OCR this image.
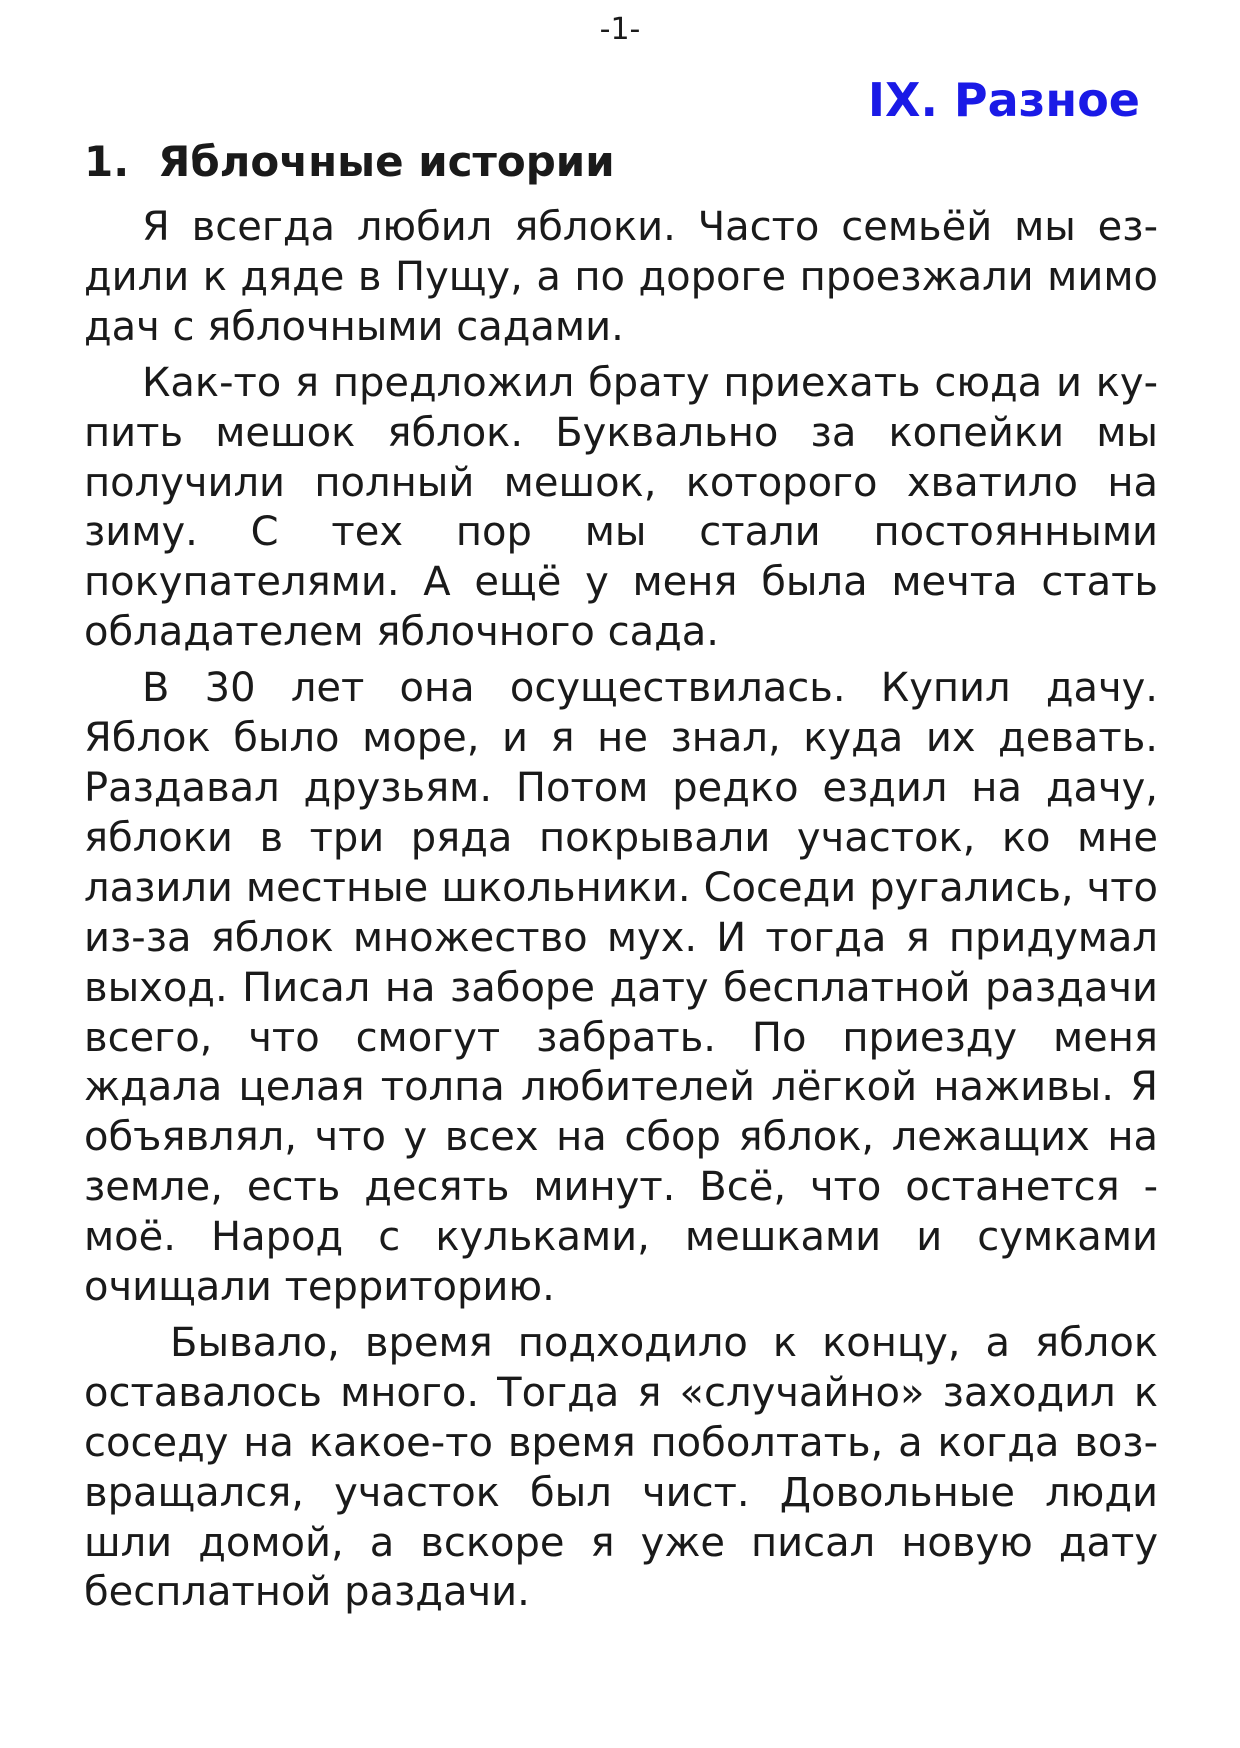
-1-
IX. Разное
1. Яблочные истории

Я всегда любил яблоки. Часто семьёй мы ездили к дяде в Пущу, а по дороге проезжали мимо дач с яблочными садами.

Как-то я предложил брату приехать сюда и купить мешок яблок. Буквально за копейки мы получили полный мешок, которого хватило на зиму. С тех пор мы стали постоянными покупателями. А ещё у меня была мечта стать обладателем яблочного сада.

В 30 лет она осуществилась. Купил дачу. Яблок было море, и я не знал, куда их девать. Раздавал друзьям. Потом редко ездил на дачу, яблоки в три ряда покрывали участок, ко мне лазили местные школьники. Соседи ругались, что из-за яблок множество мух. И тогда я придумал выход. Писал на заборе дату бесплатной раздачи всего, что смогут забрать. По приезду меня ждала целая толпа любителей лёгкой наживы. Я объявлял, что у всех на сбор яблок, лежащих на земле, есть десять минут. Всё, что останется - моё. Народ с кульками, мешками и сумками очищали территорию.

Бывало, время подходило к концу, а яблок оставалось много. Тогда я «случайно» заходил к соседу на какое-то время поболтать, а когда возвращался, участок был чист. Довольные люди шли домой, а вскоре я уже писал новую дату бесплатной раздачи.
